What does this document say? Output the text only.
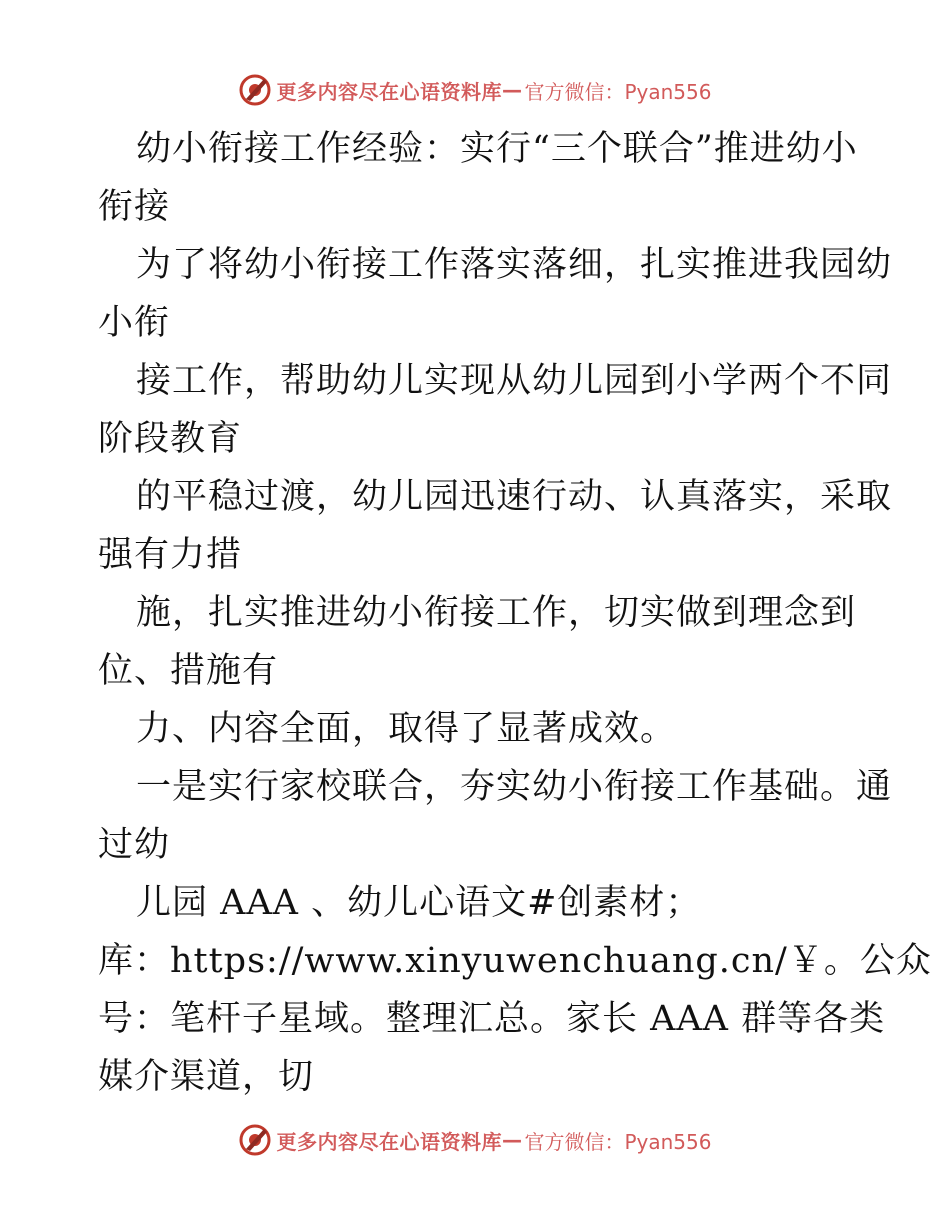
更多内容尽在心语资料库 — 官方微信：Pyan556
幼小衔接工作经验：实行“三个联合”推进幼小
衔接
为了将幼小衔接工作落实落细，扎实推进我园幼
小衔
接工作，帮助幼儿实现从幼儿园到小学两个不同
阶段教育
的平稳过渡，幼儿园迅速行动、认真落实，采取
强有力措
施，扎实推进幼小衔接工作，切实做到理念到
位、措施有
力、内容全面，取得了显著成效。
一是实行家校联合，夯实幼小衔接工作基础。通
过幼
儿园 AAA 、幼儿心语文#创素材；
库：https://www.xinyuwenchuang.cn/￥。公众
号：笔杆子星域。整理汇总。家长 AAA 群等各类
媒介渠道，切
更多内容尽在心语资料库 — 官方微信：Pyan556
